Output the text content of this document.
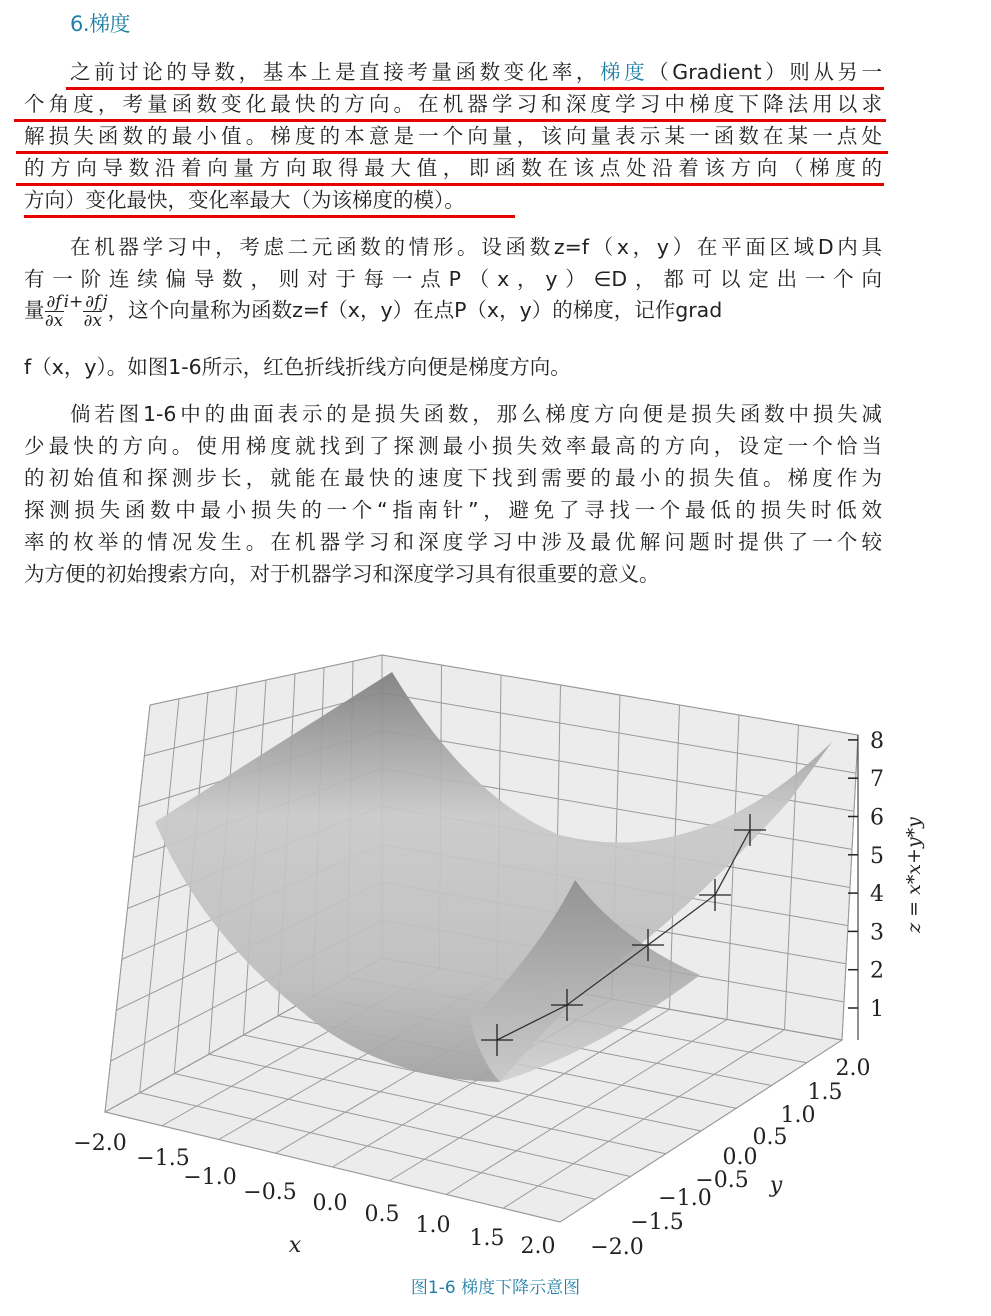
6.梯度
之前讨论的导数，基本上是直接考量函数变化率，梯度（Gradient）则从另一
个角度，考量函数变化最快的方向。在机器学习和深度学习中梯度下降法用以求
解损失函数的最小值。梯度的本意是一个向量，该向量表示某一函数在某一点处
的方向导数沿着向量方向取得最大值，即函数在该点处沿着该方向（梯度的
方向）变化最快，变化率最大（为该梯度的模）。
在机器学习中，考虑二元函数的情形。设函数z=f（x，y）在平面区域D内具
有一阶连续偏导数，则对于每一点P（x，y）∈D，都可以定出一个向
量 $\frac{\partial f}{\partial x} ^{i+} \frac{\partial f}{\partial x} ^j$，这个向量称为函数z=f（x，y）在点P（x，y）的梯度，记作grad
f（x，y）。如图1-6所示，红色折线折线方向便是梯度方向。
倘若图1-6中的曲面表示的是损失函数，那么梯度方向便是损失函数中损失减
少最快的方向。使用梯度就找到了探测最小损失效率最高的方向，设定一个恰当
的初始值和探测步长，就能在最快的速度下找到需要的最小的损失值。梯度作为
探测损失函数中最小损失的一个“指南针”，避免了寻找一个最低的损失时低效
率的枚举的情况发生。在机器学习和深度学习中涉及最优解问题时提供了一个较
为方便的初始搜索方向，对于机器学习和深度学习具有很重要的意义。
−2.0
−1.5
−1.0
−0.5 0.0 0.5 1.0
1.5 2.0 −2.0
−1.5
−1.0
−0.5
0.0
0.5
1.0
1.5
2.0
1
2
3
4
5
6
7
8
x
y
z = x*x+y*y
图1-6 梯度下降示意图
